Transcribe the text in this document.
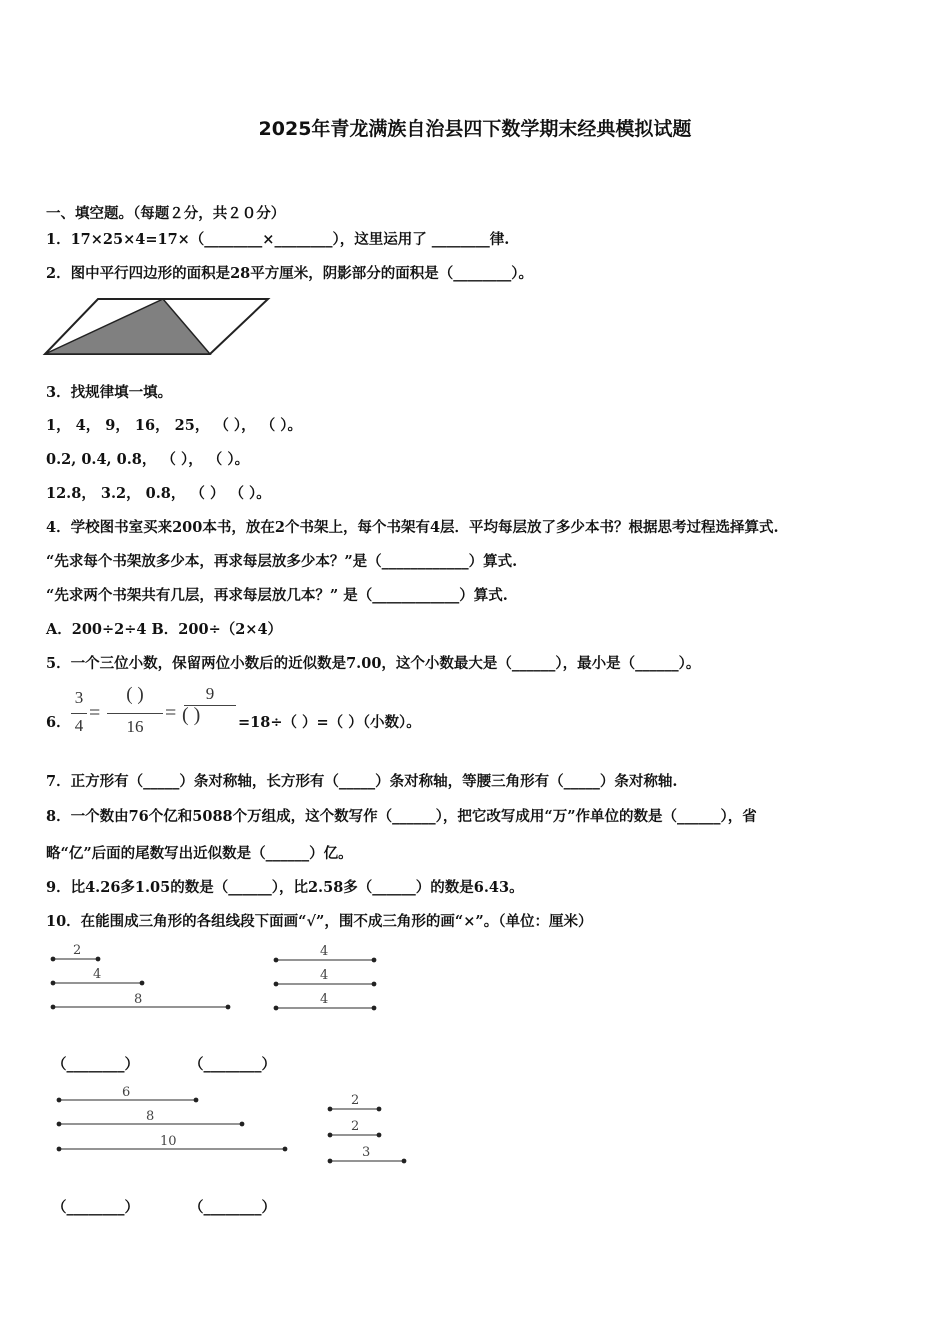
2025年青龙满族自治县四下数学期末经典模拟试题
一、填空题。（每题２分，共２０分）
1．17×25×4=17×（________×________），这里运用了 ________律.
2．图中平行四边形的面积是28平方厘米，阴影部分的面积是（________）。
3．找规律填一填。
1， 4， 9， 16， 25， （ ）， （ ）。
0.2, 0.4, 0.8， （ ）， （ ）。
12.8， 3.2， 0.8， （ ） （ ）。
4．学校图书室买来200本书，放在2个书架上，每个书架有4层．平均每层放了多少本书？根据思考过程选择算式.
“先求每个书架放多少本，再求每层放多少本？”是（____________）算式.
“先求两个书架共有几层，再求每层放几本？” 是（____________）算式.
A．200÷2÷4 B．200÷（2×4）
5．一个三位小数，保留两位小数后的近似数是7.00，这个小数最大是（______），最小是（______）。
6．
3
4
=
( )
16
=
9
( )	=18÷（ ）=（ ）（小数）。
7．正方形有（_____）条对称轴，长方形有（_____）条对称轴，等腰三角形有（_____）条对称轴.
8．一个数由76个亿和5088个万组成，这个数写作（______），把它改写成用“万”作单位的数是（______），省
略“亿”后面的尾数写出近似数是（______）亿。
9．比4.26多1.05的数是（______），比2.58多（______）的数是6.43。
10．在能围成三角形的各组线段下面画“√”，围不成三角形的画“×”。（单位：厘米）
2
4
8
4
4
4
（________）	（________）
6
8
10
2
2
3
（________）	（________）
